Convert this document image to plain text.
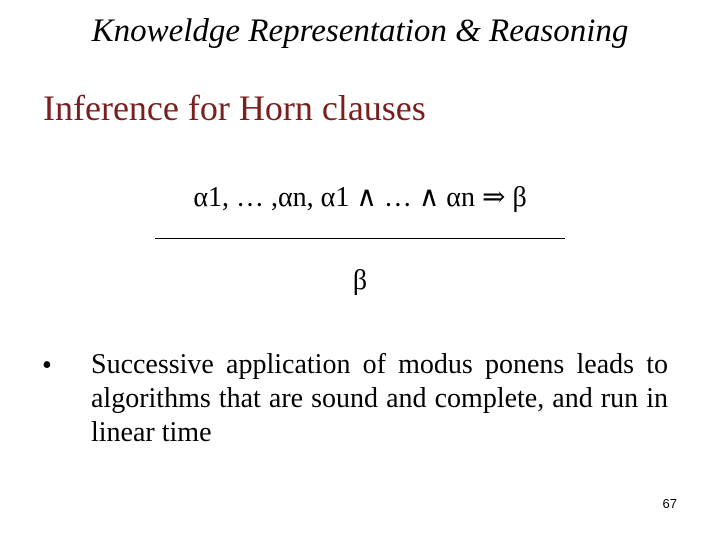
Knoweldge Representation & Reasoning
Inference for Horn clauses
α1, … ,αn, α1 ∧ … ∧ αn ⇒ β
β
• Successive application of modus ponens leads to algorithms that are sound and complete, and run in linear time
67
